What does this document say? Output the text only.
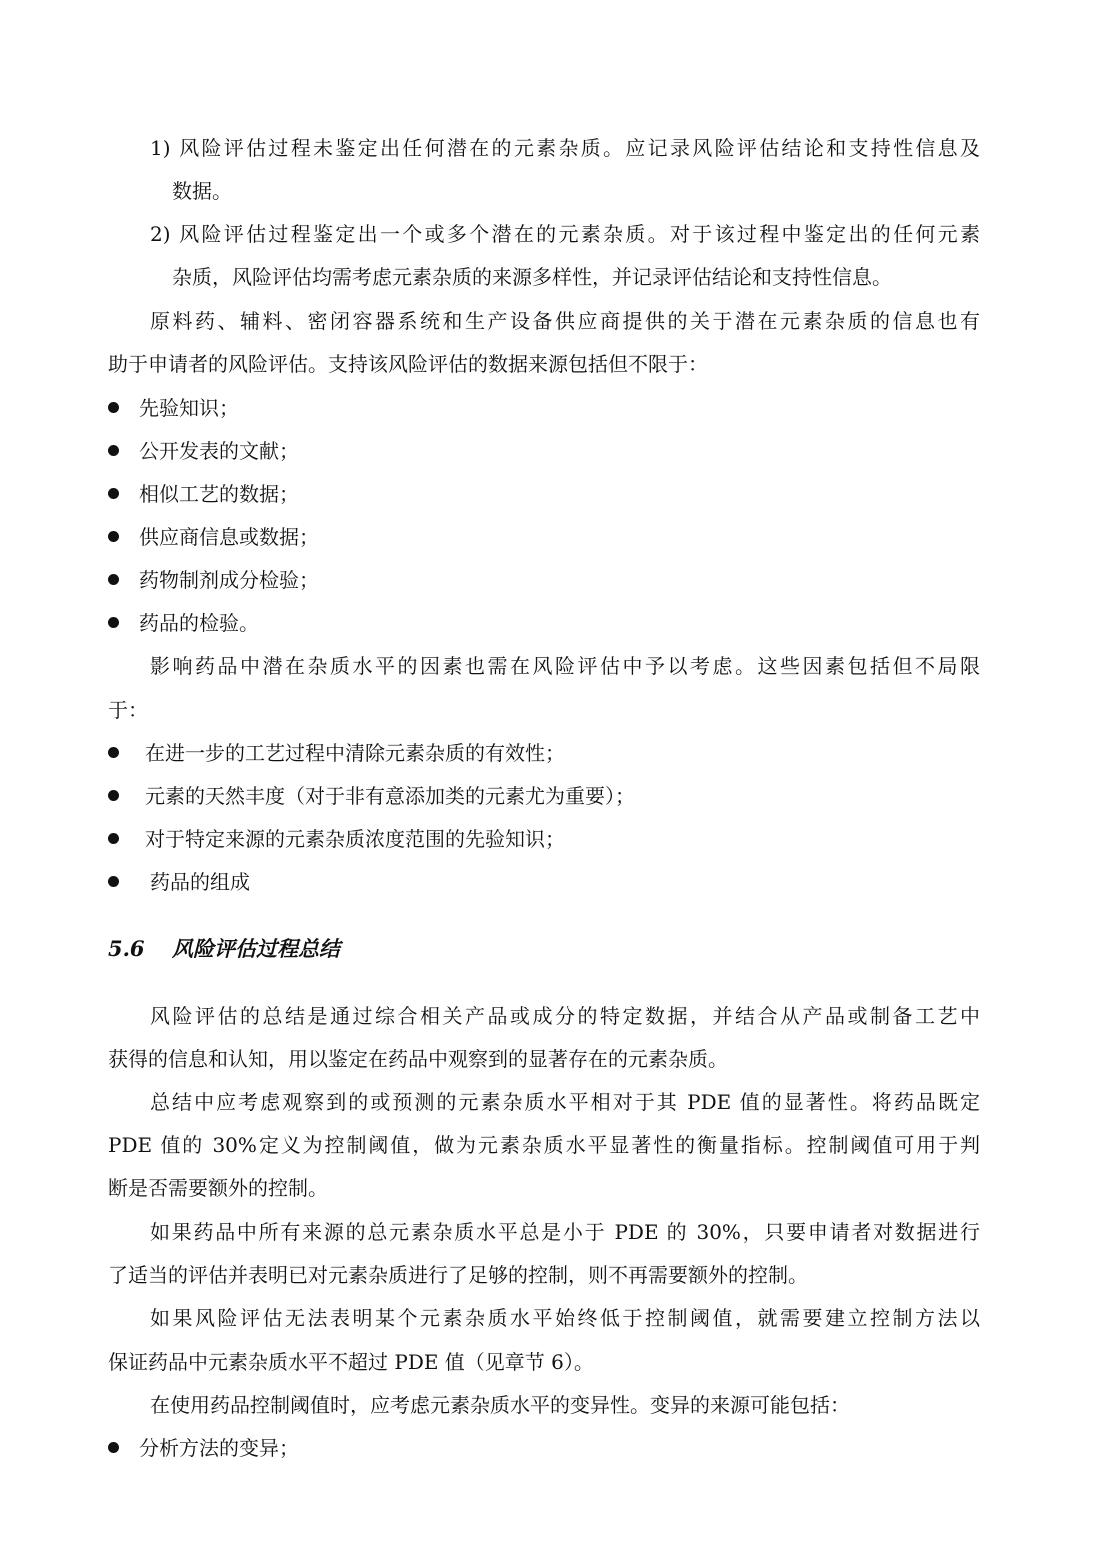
1) 风险评估过程未鉴定出任何潜在的元素杂质。应记录风险评估结论和支持性信息及
数据。
2) 风险评估过程鉴定出一个或多个潜在的元素杂质。对于该过程中鉴定出的任何元素
杂质，风险评估均需考虑元素杂质的来源多样性，并记录评估结论和支持性信息。
原料药、辅料、密闭容器系统和生产设备供应商提供的关于潜在元素杂质的信息也有
助于申请者的风险评估。支持该风险评估的数据来源包括但不限于：
先验知识；
公开发表的文献；
相似工艺的数据；
供应商信息或数据；
药物制剂成分检验；
药品的检验。
影响药品中潜在杂质水平的因素也需在风险评估中予以考虑。这些因素包括但不局限
于：
在进一步的工艺过程中清除元素杂质的有效性；
元素的天然丰度（对于非有意添加类的元素尤为重要）；
对于特定来源的元素杂质浓度范围的先验知识；
药品的组成
5.6 风险评估过程总结
风险评估的总结是通过综合相关产品或成分的特定数据，并结合从产品或制备工艺中
获得的信息和认知，用以鉴定在药品中观察到的显著存在的元素杂质。
总结中应考虑观察到的或预测的元素杂质水平相对于其 PDE 值的显著性。将药品既定
PDE 值的 30%定义为控制阈值，做为元素杂质水平显著性的衡量指标。控制阈值可用于判
断是否需要额外的控制。
如果药品中所有来源的总元素杂质水平总是小于 PDE 的 30%，只要申请者对数据进行
了适当的评估并表明已对元素杂质进行了足够的控制，则不再需要额外的控制。
如果风险评估无法表明某个元素杂质水平始终低于控制阈值，就需要建立控制方法以
保证药品中元素杂质水平不超过 PDE 值（见章节 6）。
在使用药品控制阈值时，应考虑元素杂质水平的变异性。变异的来源可能包括：
分析方法的变异；
